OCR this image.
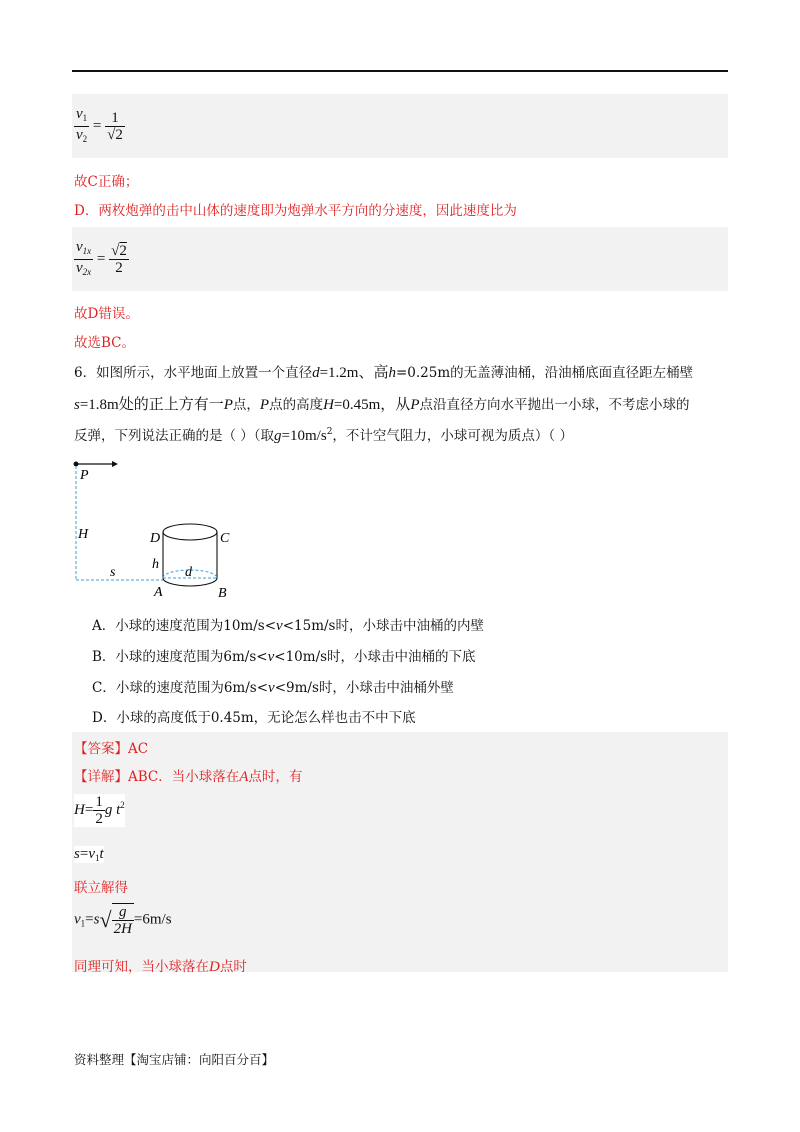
$\frac{v_1}{v_2} = \frac{1}{√2}$
故C正确；
D．两枚炮弹的击中山体的速度即为炮弹水平方向的分速度，因此速度比为
$\frac{v_{1x}}{v_{2x}} = \frac{√2}{2}$
故D错误。
故选BC。
6．如图所示，水平地面上放置一个直径d=1.2m、高h=0.25m的无盖薄油桶，沿油桶底面直径距左桶壁
s=1.8m处的正上方有一P点，P点的高度H=0.45m，从P点沿直径方向水平抛出一小球，不考虑小球的
反弹，下列说法正确的是（ ）（取$g=10m/s^2$，不计空气阻力，小球可视为质点）（ ）
P
H
s
D	C
h
d
A	B
A．小球的速度范围为10m/s<v<15m/s时，小球击中油桶的内壁
B．小球的速度范围为6m/s<v<10m/s时，小球击中油桶的下底
C．小球的速度范围为6m/s<v<9m/s时，小球击中油桶外壁
D．小球的高度低于0.45m，无论怎么样也击不中下底
【答案】AC
【详解】ABC．当小球落在A点时，有
$H= \frac{1}{2}$ g $t^2$
$s=v_1t$
联立解得
$v_1=s√ \frac{g}{2H} =6m/s$
同理可知，当小球落在D点时
资料整理【淘宝店铺：向阳百分百】
